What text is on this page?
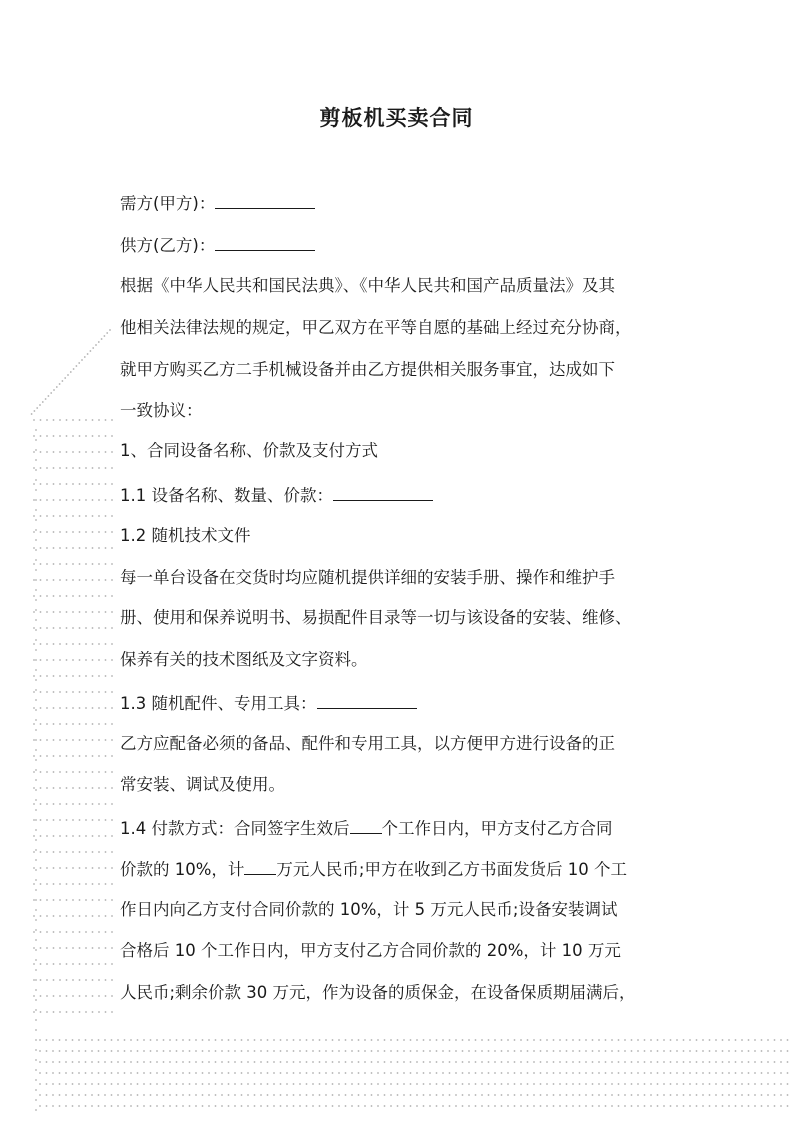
剪板机买卖合同
需方(甲方)：
供方(乙方)：
根据《中华人民共和国民法典》、《中华人民共和国产品质量法》及其
他相关法律法规的规定，甲乙双方在平等自愿的基础上经过充分协商，
就甲方购买乙方二手机械设备并由乙方提供相关服务事宜，达成如下
一致协议：
1、合同设备名称、价款及支付方式
1.1 设备名称、数量、价款：
1.2 随机技术文件
每一单台设备在交货时均应随机提供详细的安装手册、操作和维护手
册、使用和保养说明书、易损配件目录等一切与该设备的安装、维修、
保养有关的技术图纸及文字资料。
1.3 随机配件、专用工具：
乙方应配备必须的备品、配件和专用工具，以方便甲方进行设备的正
常安装、调试及使用。
1.4 付款方式：合同签字生效后 个工作日内，甲方支付乙方合同
价款的 10%，计 万元人民币;甲方在收到乙方书面发货后 10 个工
作日内向乙方支付合同价款的 10%，计 5 万元人民币;设备安装调试
合格后 10 个工作日内，甲方支付乙方合同价款的 20%，计 10 万元
人民币;剩余价款 30 万元，作为设备的质保金，在设备保质期届满后，
